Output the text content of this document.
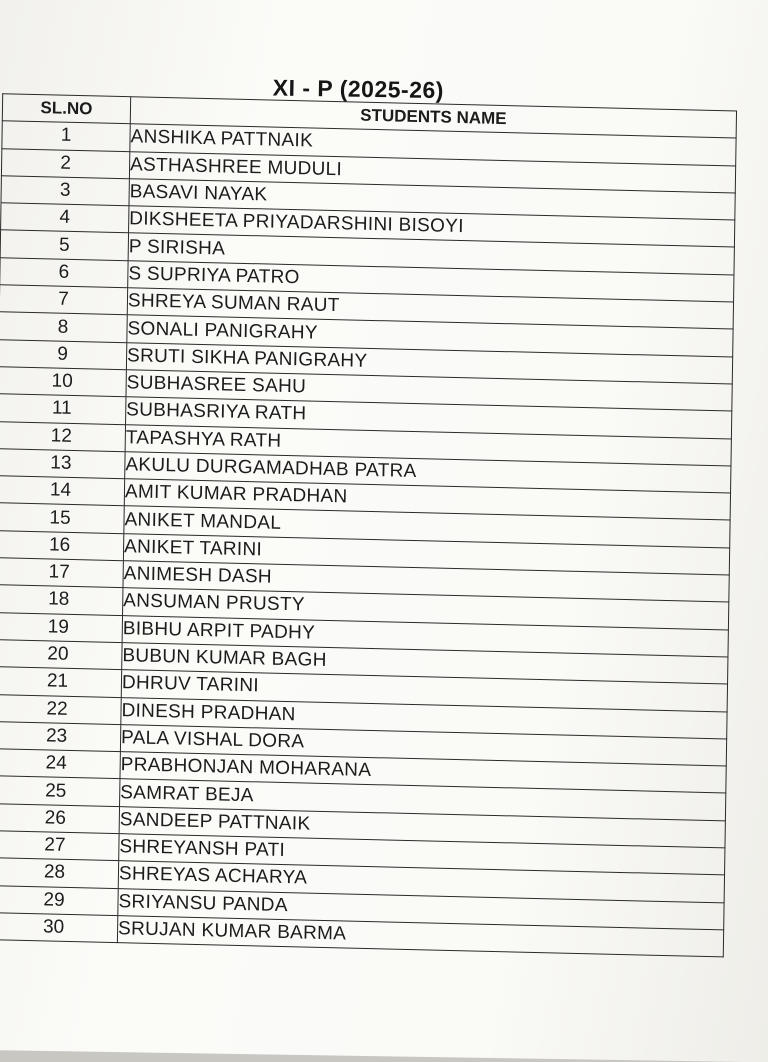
XI - P (2025-26)
SL.NO	STUDENTS NAME
1	ANSHIKA PATTNAIK
2	ASTHASHREE MUDULI
3	BASAVI NAYAK
4	DIKSHEETA PRIYADARSHINI BISOYI
5	P SIRISHA
6	S SUPRIYA PATRO
7	SHREYA SUMAN RAUT
8	SONALI PANIGRAHY
9	SRUTI SIKHA PANIGRAHY
10	SUBHASREE SAHU
11	SUBHASRIYA RATH
12	TAPASHYA RATH
13	AKULU DURGAMADHAB PATRA
14	AMIT KUMAR PRADHAN
15	ANIKET MANDAL
16	ANIKET TARINI
17	ANIMESH DASH
18	ANSUMAN PRUSTY
19	BIBHU ARPIT PADHY
20	BUBUN KUMAR BAGH
21	DHRUV TARINI
22	DINESH PRADHAN
23	PALA VISHAL DORA
24	PRABHONJAN MOHARANA
25	SAMRAT BEJA
26	SANDEEP PATTNAIK
27	SHREYANSH PATI
28	SHREYAS ACHARYA
29	SRIYANSU PANDA
30	SRUJAN KUMAR BARMA
